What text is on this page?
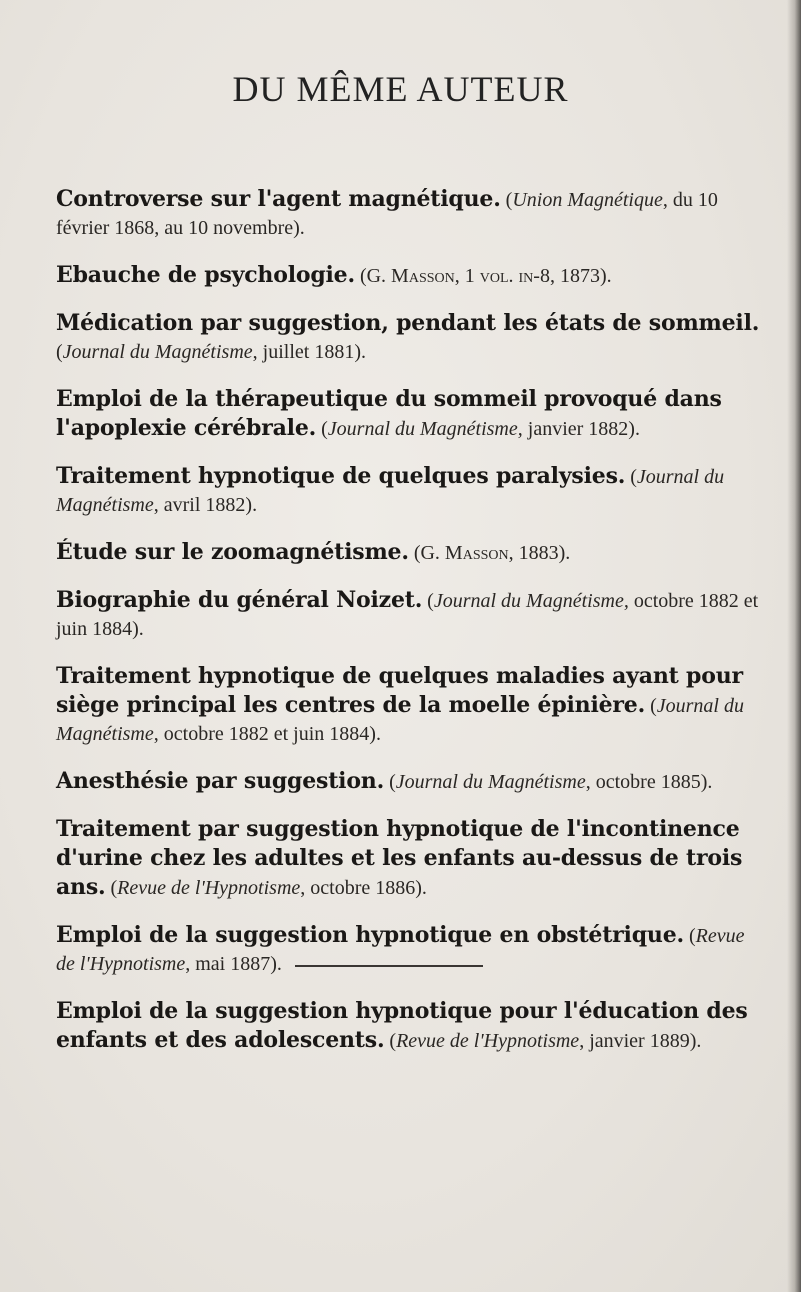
DU MÊME AUTEUR

Controverse sur l'agent magnétique. (Union Magnétique, du 10 février 1868, au 10 novembre).

Ebauche de psychologie. (G. Masson, 1 vol. in-8, 1873).

Médication par suggestion, pendant les états de sommeil. (Journal du Magnétisme, juillet 1881).

Emploi de la thérapeutique du sommeil provoqué dans l'apoplexie cérébrale. (Journal du Magnétisme, janvier 1882).

Traitement hypnotique de quelques paralysies. (Journal du Magnétisme, avril 1882).

Étude sur le zoomagnétisme. (G. Masson, 1883).

Biographie du général Noizet. (Journal du Magnétisme, octobre 1882 et juin 1884).

Traitement hypnotique de quelques maladies ayant pour siège principal les centres de la moelle épinière. (Journal du Magnétisme, octobre 1882 et juin 1884).

Anesthésie par suggestion. (Journal du Magnétisme, octobre 1885).

Traitement par suggestion hypnotique de l'incontinence d'urine chez les adultes et les enfants au-dessus de trois ans. (Revue de l'Hypnotisme, octobre 1886).

Emploi de la suggestion hypnotique en obstétrique. (Revue de l'Hypnotisme, mai 1887).

Emploi de la suggestion hypnotique pour l'éducation des enfants et des adolescents. (Revue de l'Hypnotisme, janvier 1889).
